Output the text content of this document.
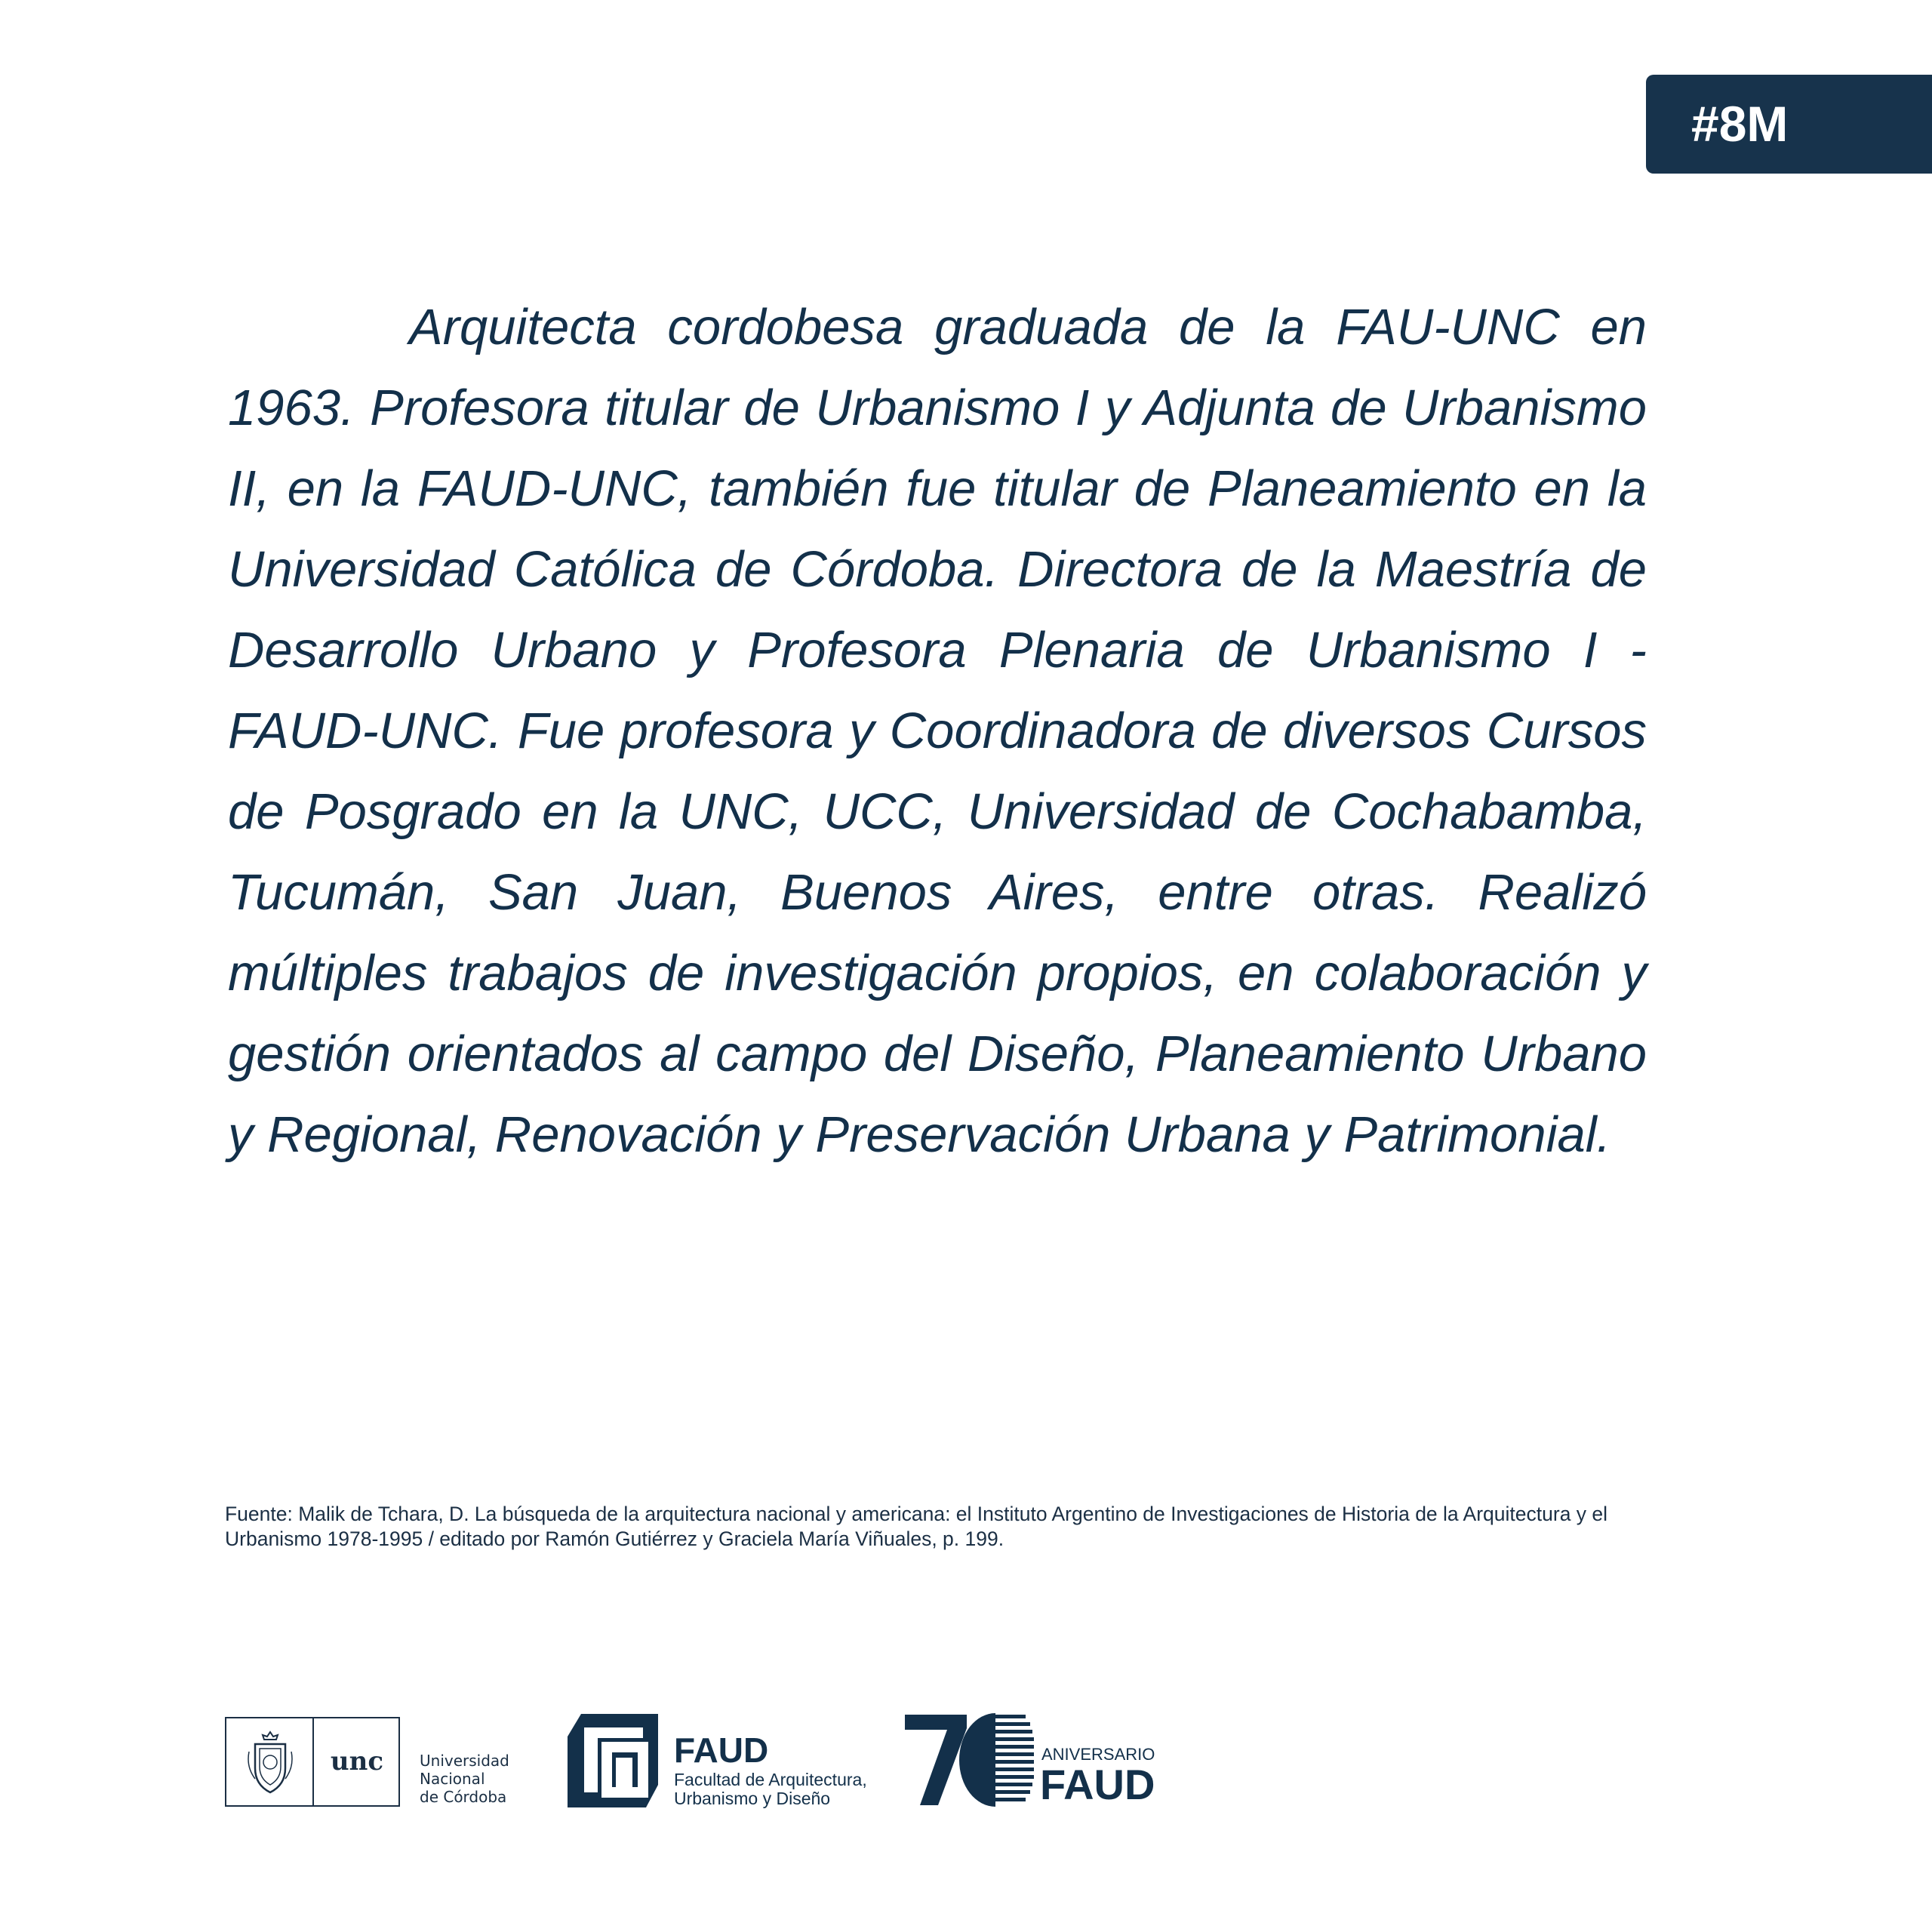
#8M

Arquitecta cordobesa graduada de la FAU-UNC en 1963. Profesora titular de Urbanismo I y Adjunta de Urbanismo II, en la FAUD-UNC, también fue titular de Planeamiento en la Universidad Católica de Córdoba. Directora de la Maestría de Desarrollo Urbano y Profesora Plenaria de Urbanismo I - FAUD-UNC. Fue profesora y Coordinadora de diversos Cursos de Posgrado en la UNC, UCC, Universidad de Cochabamba, Tucumán, San Juan, Buenos Aires, entre otras. Realizó múltiples trabajos de investigación propios, en colaboración y gestión orientados al campo del Diseño, Planeamiento Urbano y Regional, Renovación y Preservación Urbana y Patrimonial.

Fuente: Malik de Tchara, D. La búsqueda de la arquitectura nacional y americana: el Instituto Argentino de Investigaciones de Historia de la Arquitectura y el Urbanismo 1978-1995 / editado por Ramón Gutiérrez y Graciela María Viñuales, p. 199.

unc	Universidad
Nacional
de Córdoba
FAUD
Facultad de Arquitectura,
Urbanismo y Diseño
ANIVERSARIO
FAUD
